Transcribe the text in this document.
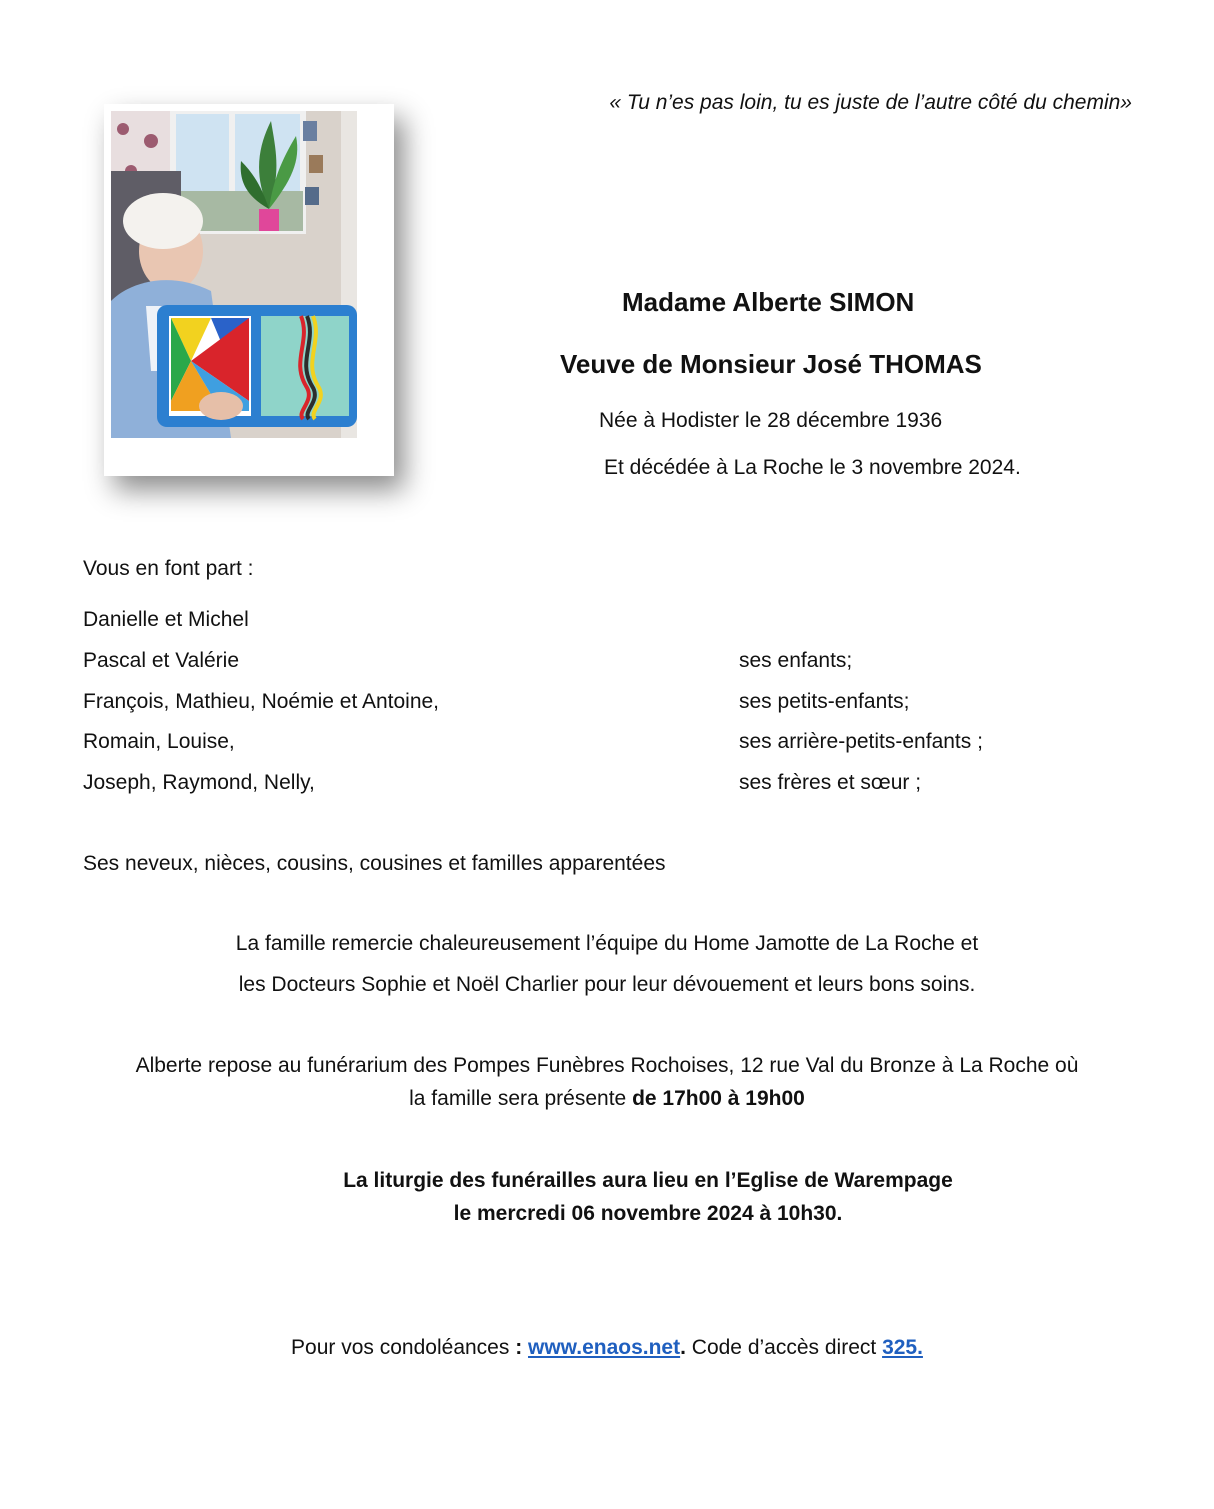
« Tu n’es pas loin, tu es juste de l’autre côté du chemin»
Madame Alberte SIMON
Veuve de Monsieur José THOMAS
Née à Hodister le 28 décembre 1936
Et décédée à La Roche le 3 novembre 2024.
Vous en font part :
Danielle et Michel
Pascal et Valérie	ses enfants;
François, Mathieu, Noémie et Antoine,	ses petits-enfants;
Romain, Louise,	ses arrière-petits-enfants ;
Joseph, Raymond, Nelly,	ses frères et sœur ;
Ses neveux, nièces, cousins, cousines et familles apparentées
La famille remercie chaleureusement l’équipe du Home Jamotte de La Roche et
les Docteurs Sophie et Noël Charlier pour leur dévouement et leurs bons soins.
Alberte repose au funérarium des Pompes Funèbres Rochoises, 12 rue Val du Bronze à La Roche où
la famille sera présente de 17h00 à 19h00
La liturgie des funérailles aura lieu en l’Eglise de Warempage
le mercredi 06 novembre 2024 à 10h30.
Pour vos condoléances : www.enaos.net. Code d’accès direct 325.
